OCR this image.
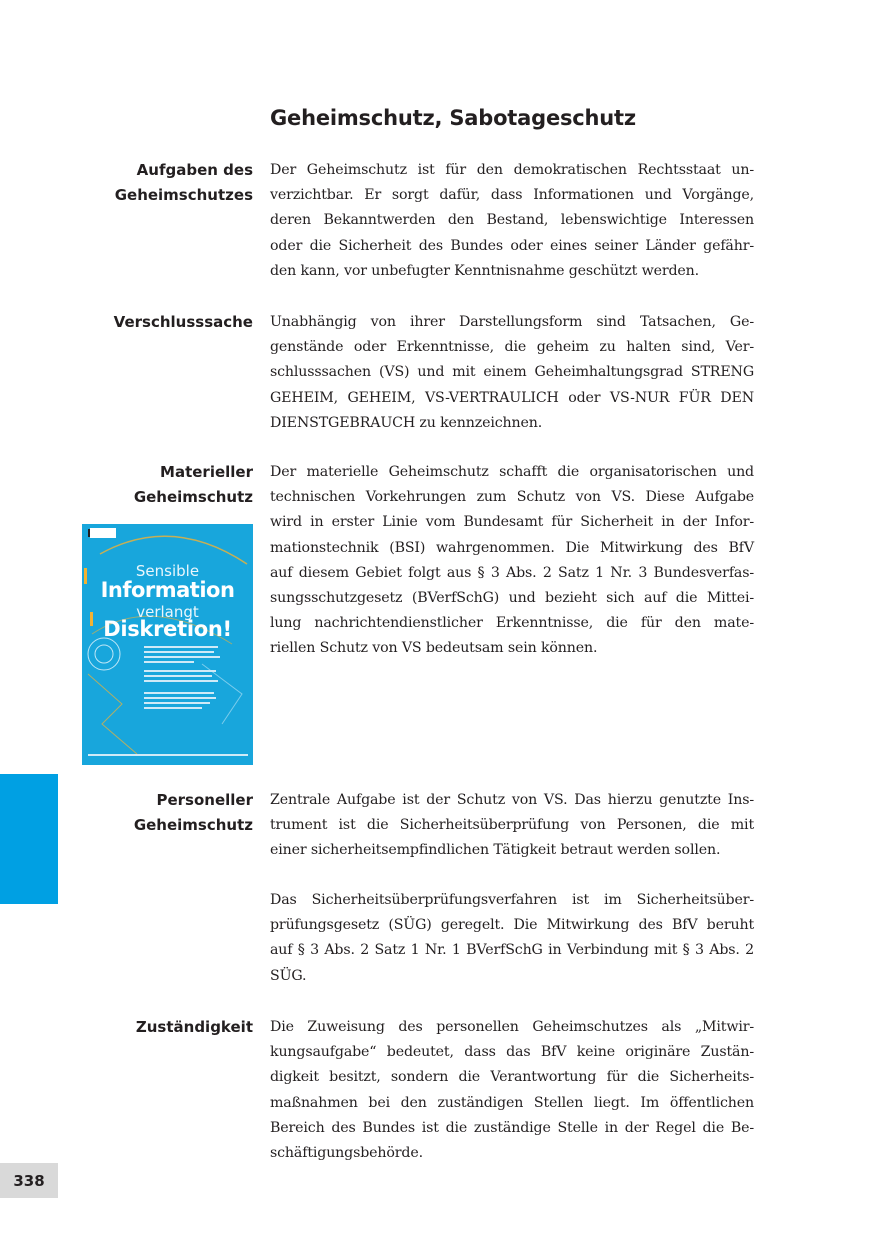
Geheimschutz, Sabotageschutz
Aufgaben des
Geheimschutzes
Der Geheimschutz ist für den demokratischen Rechtsstaat un-
verzichtbar. Er sorgt dafür, dass Informationen und Vorgänge,
deren Bekanntwerden den Bestand, lebenswichtige Interessen
oder die Sicherheit des Bundes oder eines seiner Länder gefähr-
den kann, vor unbefugter Kenntnisnahme geschützt werden.
Verschlusssache Unabhängig von ihrer Darstellungsform sind Tatsachen, Ge-
genstände oder Erkenntnisse, die geheim zu halten sind, Ver-
schlusssachen (VS) und mit einem Geheimhaltungsgrad STRENG
GEHEIM, GEHEIM, VS-VERTRAULICH oder VS-NUR FÜR DEN
DIENSTGEBRAUCH zu kennzeichnen.
Materieller
Geheimschutz
Der materielle Geheimschutz schafft die organisatorischen und
technischen Vorkehrungen zum Schutz von VS. Diese Aufgabe
wird in erster Linie vom Bundesamt für Sicherheit in der Infor-
mationstechnik (BSI) wahrgenommen. Die Mitwirkung des BfV
auf diesem Gebiet folgt aus § 3 Abs. 2 Satz 1 Nr. 3 Bundesverfas-
sungsschutzgesetz (BVerfSchG) und bezieht sich auf die Mittei-
lung nachrichtendienstlicher Erkenntnisse, die für den mate-
riellen Schutz von VS bedeutsam sein können.
Sensible
Information
verlangt
Diskretion!
Personeller
Geheimschutz
Zentrale Aufgabe ist der Schutz von VS. Das hierzu genutzte Ins-
trument ist die Sicherheitsüberprüfung von Personen, die mit
einer sicherheitsempfindlichen Tätigkeit betraut werden sollen.
Das Sicherheitsüberprüfungsverfahren ist im Sicherheitsüber-
prüfungsgesetz (SÜG) geregelt. Die Mitwirkung des BfV beruht
auf § 3 Abs. 2 Satz 1 Nr. 1 BVerfSchG in Verbindung mit § 3 Abs. 2
SÜG.
Zuständigkeit Die Zuweisung des personellen Geheimschutzes als „Mitwir-
kungsaufgabe“ bedeutet, dass das BfV keine originäre Zustän-
digkeit besitzt, sondern die Verantwortung für die Sicherheits-
maßnahmen bei den zuständigen Stellen liegt. Im öffentlichen
Bereich des Bundes ist die zuständige Stelle in der Regel die Be-
schäftigungsbehörde.
338
